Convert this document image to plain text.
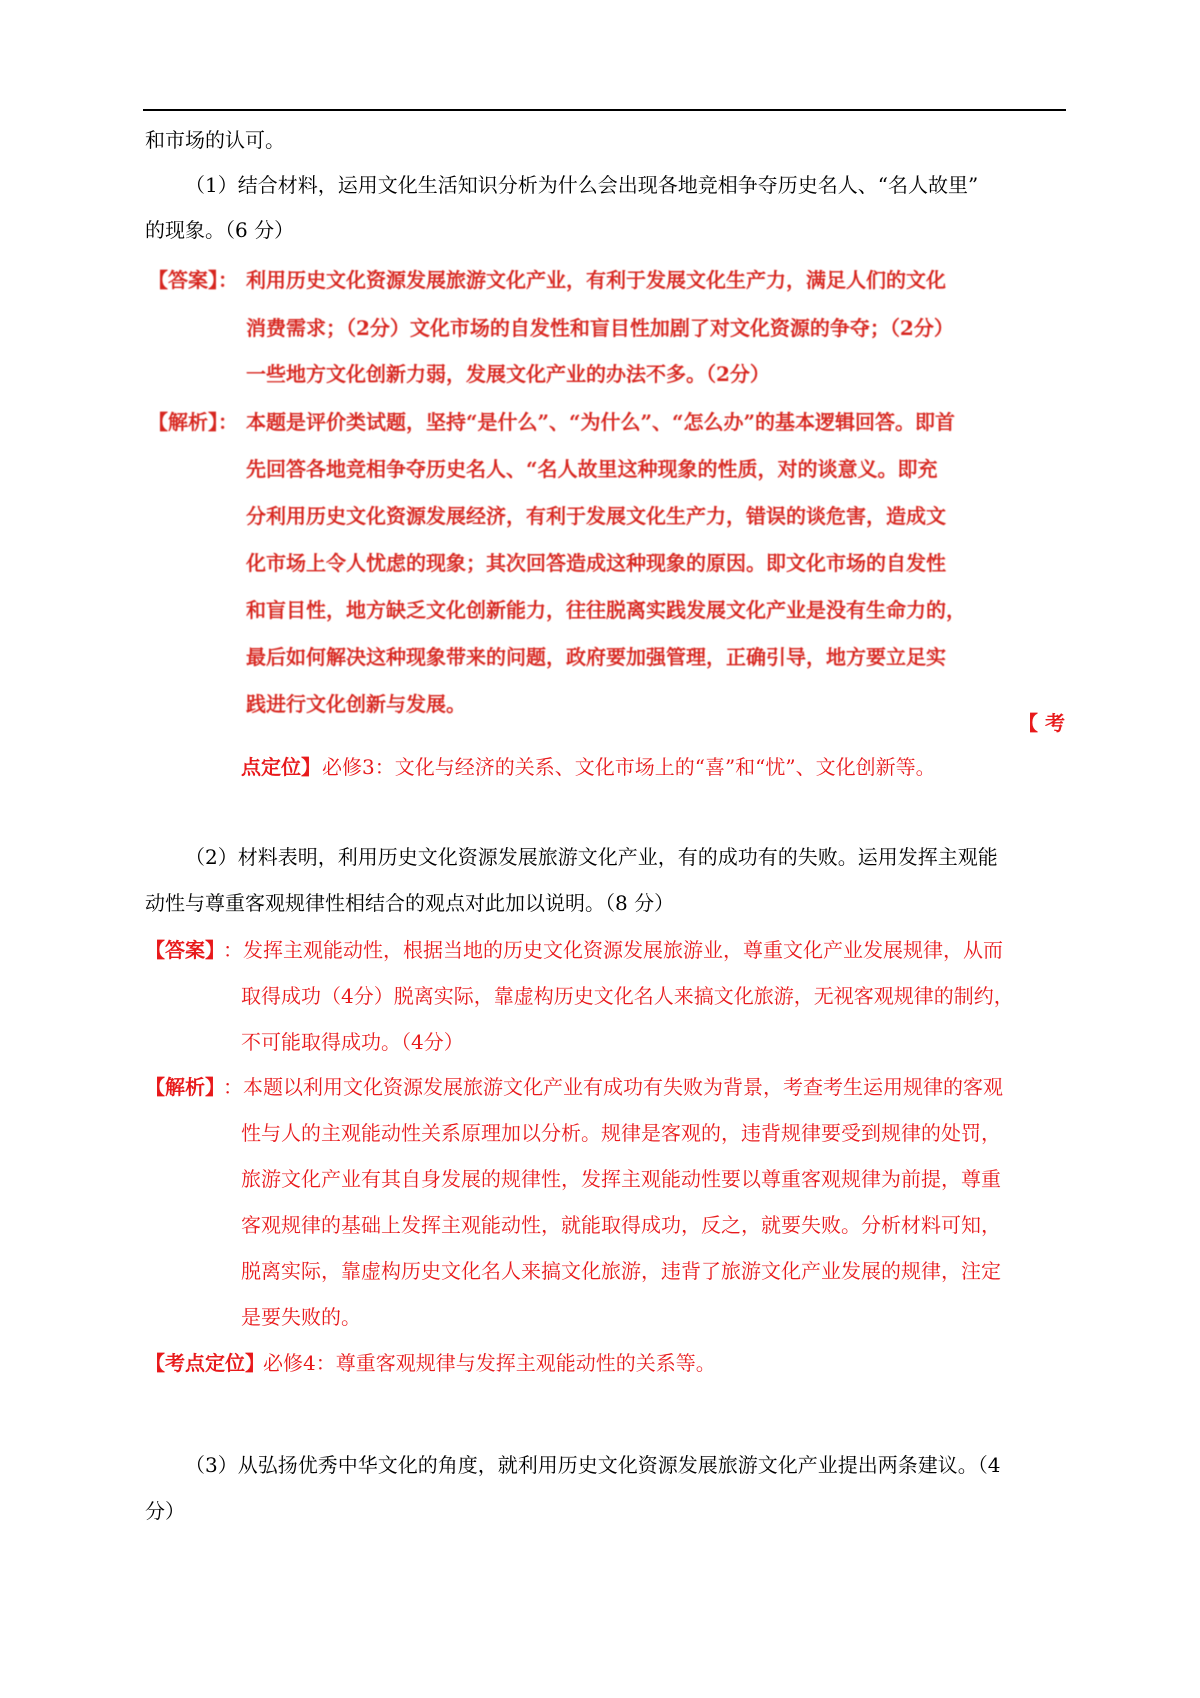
和市场的认可。
（1）结合材料，运用文化生活知识分析为什么会出现各地竞相争夺历史名人、“名人故里”
的现象。（6 分）
【答案】： 利用历史文化资源发展旅游文化产业，有利于发展文化生产力，满足人们的文化
消费需求；（2分）文化市场的自发性和盲目性加剧了对文化资源的争夺；（2分）
一些地方文化创新力弱，发展文化产业的办法不多。（2分）
【解析】： 本题是评价类试题，坚持“是什么”、“为什么”、“怎么办”的基本逻辑回答。即首
先回答各地竞相争夺历史名人、“名人故里这种现象的性质，对的谈意义。即充
分利用历史文化资源发展经济，有利于发展文化生产力，错误的谈危害，造成文
化市场上令人忧虑的现象；其次回答造成这种现象的原因。即文化市场的自发性
和盲目性，地方缺乏文化创新能力，往往脱离实践发展文化产业是没有生命力的，
最后如何解决这种现象带来的问题，政府要加强管理，正确引导，地方要立足实
践进行文化创新与发展。
【 考
点定位】 必修3：文化与经济的关系、文化市场上的“喜”和“忧”、文化创新等。
（2）材料表明，利用历史文化资源发展旅游文化产业，有的成功有的失败。运用发挥主观能
动性与尊重客观规律性相结合的观点对此加以说明。（8 分）
【答案】
：发挥主观能动性，根据当地的历史文化资源发展旅游业，尊重文化产业发展规律，从而
取得成功（4分）脱离实际，靠虚构历史文化名人来搞文化旅游，无视客观规律的制约，
不可能取得成功。（4分）
【解析】
：本题以利用文化资源发展旅游文化产业有成功有失败为背景，考查考生运用规律的客观
性与人的主观能动性关系原理加以分析。规律是客观的，违背规律要受到规律的处罚，
旅游文化产业有其自身发展的规律性，发挥主观能动性要以尊重客观规律为前提，尊重
客观规律的基础上发挥主观能动性，就能取得成功，反之，就要失败。分析材料可知，
脱离实际，靠虚构历史文化名人来搞文化旅游，违背了旅游文化产业发展的规律，注定
是要失败的。
【考点定位】
必修4：尊重客观规律与发挥主观能动性的关系等。
（3）从弘扬优秀中华文化的角度，就利用历史文化资源发展旅游文化产业提出两条建议。（4
分）
